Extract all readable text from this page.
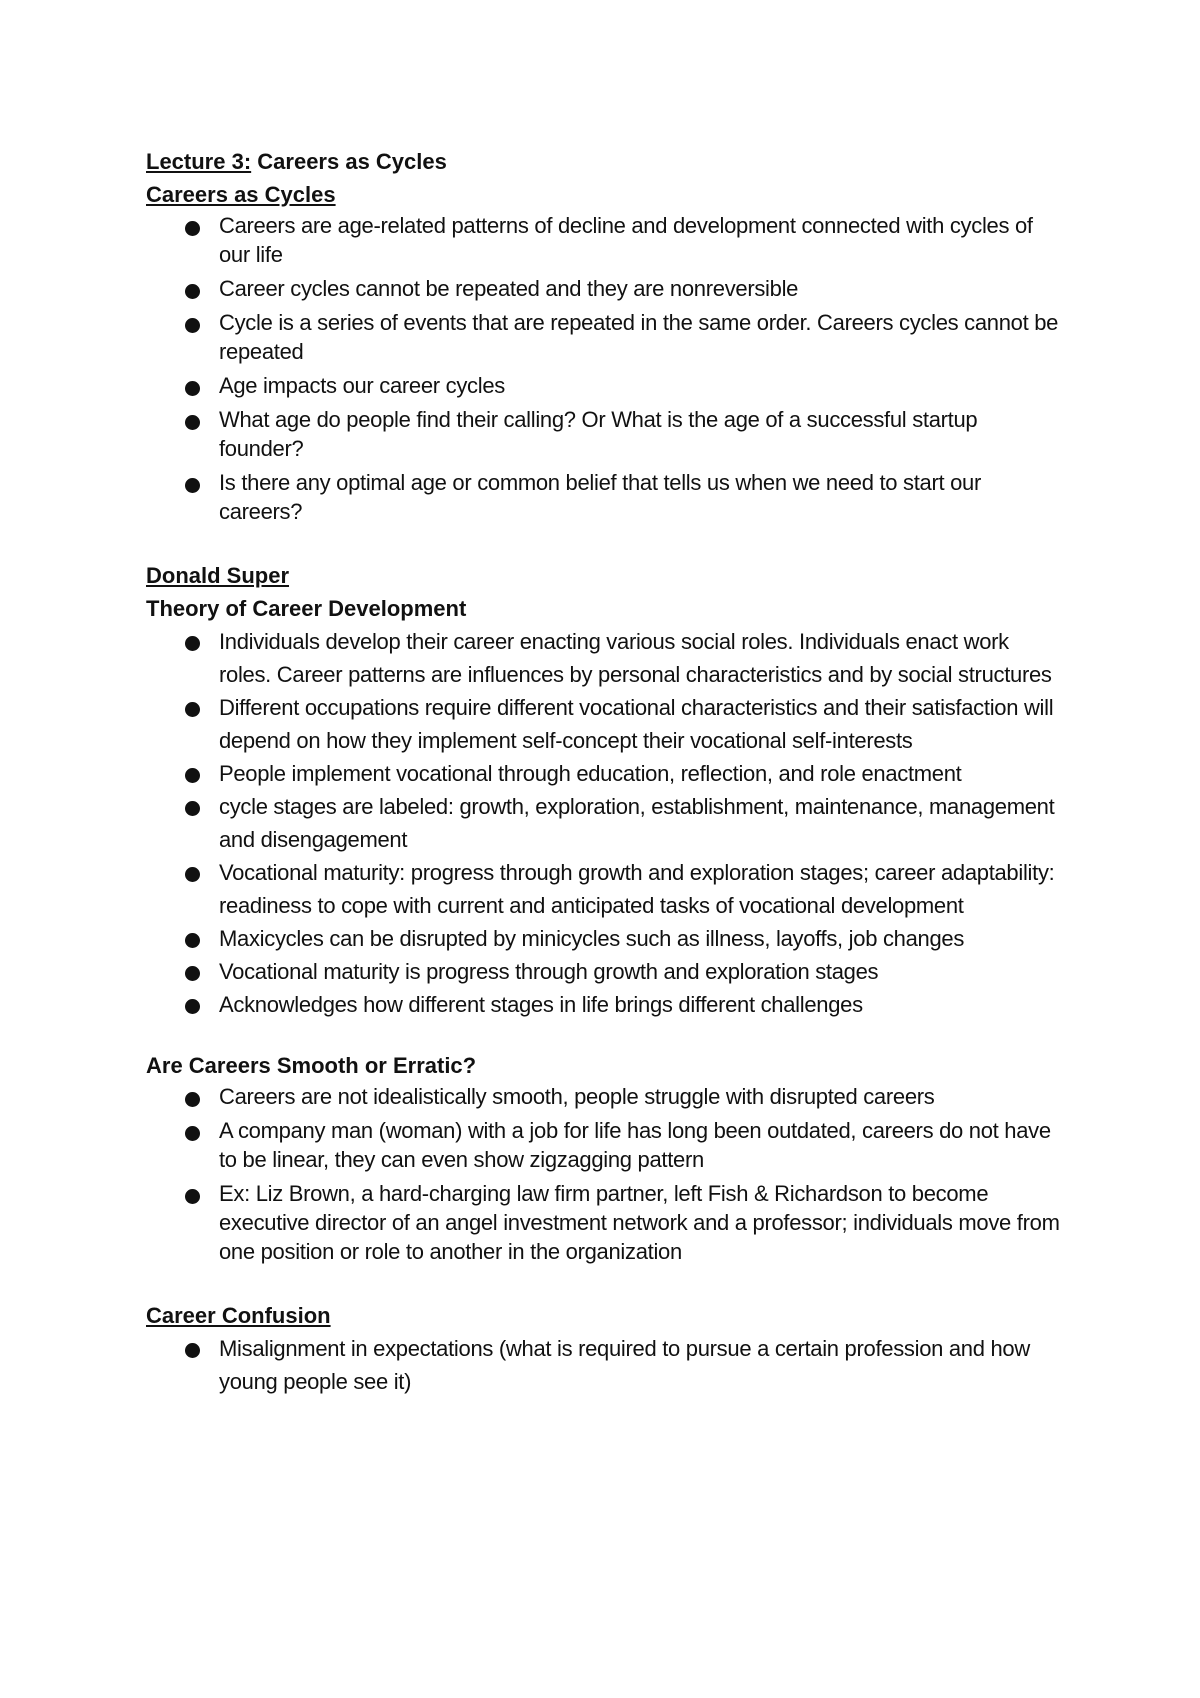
Lecture 3: Careers as Cycles

Careers as Cycles

Careers are age-related patterns of decline and development connected with cycles of our life
Career cycles cannot be repeated and they are nonreversible
Cycle is a series of events that are repeated in the same order. Careers cycles cannot be repeated
Age impacts our career cycles
What age do people find their calling? Or What is the age of a successful startup founder?
Is there any optimal age or common belief that tells us when we need to start our careers?

Donald Super

Theory of Career Development

Individuals develop their career enacting various social roles. Individuals enact work roles. Career patterns are influences by personal characteristics and by social structures
Different occupations require different vocational characteristics and their satisfaction will depend on how they implement self-concept their vocational self-interests
People implement vocational through education, reflection, and role enactment
cycle stages are labeled: growth, exploration, establishment, maintenance, management and disengagement
Vocational maturity: progress through growth and exploration stages; career adaptability: readiness to cope with current and anticipated tasks of vocational development
Maxicycles can be disrupted by minicycles such as illness, layoffs, job changes
Vocational maturity is progress through growth and exploration stages
Acknowledges how different stages in life brings different challenges

Are Careers Smooth or Erratic?

Careers are not idealistically smooth, people struggle with disrupted careers
A company man (woman) with a job for life has long been outdated, careers do not have to be linear, they can even show zigzagging pattern
Ex: Liz Brown, a hard-charging law firm partner, left Fish & Richardson to become executive director of an angel investment network and a professor; individuals move from one position or role to another in the organization

Career Confusion

Misalignment in expectations (what is required to pursue a certain profession and how young people see it)
